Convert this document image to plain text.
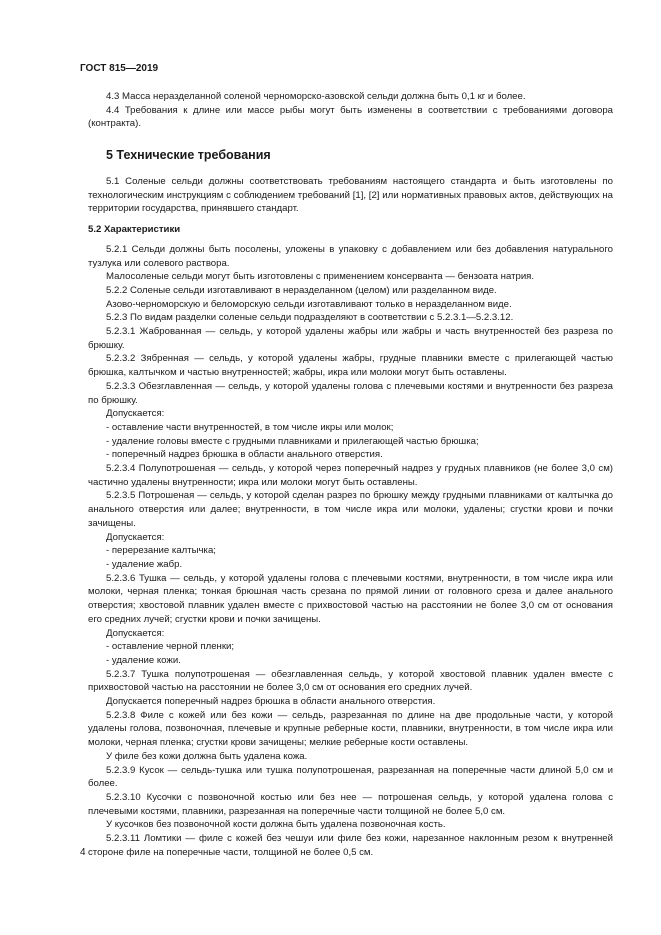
ГОСТ 815—2019

4.3 Масса неразделанной соленой черноморско-азовской сельди должна быть 0,1 кг и более.

4.4 Требования к длине или массе рыбы могут быть изменены в соответствии с требованиями договора (контракта).

5 Технические требования

5.1 Соленые сельди должны соответствовать требованиям настоящего стандарта и быть изготовлены по технологическим инструкциям с соблюдением требований [1], [2] или нормативных правовых актов, действующих на территории государства, принявшего стандарт.

5.2 Характеристики

5.2.1 Сельди должны быть посолены, уложены в упаковку с добавлением или без добавления натурального тузлука или солевого раствора.

Малосоленые сельди могут быть изготовлены с применением консерванта — бензоата натрия.

5.2.2 Соленые сельди изготавливают в неразделанном (целом) или разделанном виде.

Азово-черноморскую и беломорскую сельди изготавливают только в неразделанном виде.

5.2.3 По видам разделки соленые сельди подразделяют в соответствии с 5.2.3.1—5.2.3.12.

5.2.3.1 Жаброванная — сельдь, у которой удалены жабры или жабры и часть внутренностей без разреза по брюшку.

5.2.3.2 Зябренная — сельдь, у которой удалены жабры, грудные плавники вместе с прилегающей частью брюшка, калтычком и частью внутренностей; жабры, икра или молоки могут быть оставлены.

5.2.3.3 Обезглавленная — сельдь, у которой удалены голова с плечевыми костями и внутренности без разреза по брюшку.

Допускается:

- оставление части внутренностей, в том числе икры или молок;

- удаление головы вместе с грудными плавниками и прилегающей частью брюшка;

- поперечный надрез брюшка в области анального отверстия.

5.2.3.4 Полупотрошеная — сельдь, у которой через поперечный надрез у грудных плавников (не более 3,0 см) частично удалены внутренности; икра или молоки могут быть оставлены.

5.2.3.5 Потрошеная — сельдь, у которой сделан разрез по брюшку между грудными плавниками от калтычка до анального отверстия или далее; внутренности, в том числе икра или молоки, удалены; сгустки крови и почки зачищены.

Допускается:

- перерезание калтычка;

- удаление жабр.

5.2.3.6 Тушка — сельдь, у которой удалены голова с плечевыми костями, внутренности, в том числе икра или молоки, черная пленка; тонкая брюшная часть срезана по прямой линии от головного среза и далее анального отверстия; хвостовой плавник удален вместе с прихвостовой частью на расстоянии не более 3,0 см от основания его средних лучей; сгустки крови и почки зачищены.

Допускается:

- оставление черной пленки;

- удаление кожи.

5.2.3.7 Тушка полупотрошеная — обезглавленная сельдь, у которой хвостовой плавник удален вместе с прихвостовой частью на расстоянии не более 3,0 см от основания его средних лучей.

Допускается поперечный надрез брюшка в области анального отверстия.

5.2.3.8 Филе с кожей или без кожи — сельдь, разрезанная по длине на две продольные части, у которой удалены голова, позвоночная, плечевые и крупные реберные кости, плавники, внутренности, в том числе икра или молоки, черная пленка; сгустки крови зачищены; мелкие реберные кости оставлены.

У филе без кожи должна быть удалена кожа.

5.2.3.9 Кусок — сельдь-тушка или тушка полупотрошеная, разрезанная на поперечные части длиной 5,0 см и более.

5.2.3.10 Кусочки с позвоночной костью или без нее — потрошеная сельдь, у которой удалена голова с плечевыми костями, плавники, разрезанная на поперечные части толщиной не более 5,0 см.

У кусочков без позвоночной кости должна быть удалена позвоночная кость.

5.2.3.11 Ломтики — филе с кожей без чешуи или филе без кожи, нарезанное наклонным резом к внутренней стороне филе на поперечные части, толщиной не более 0,5 см.

4
